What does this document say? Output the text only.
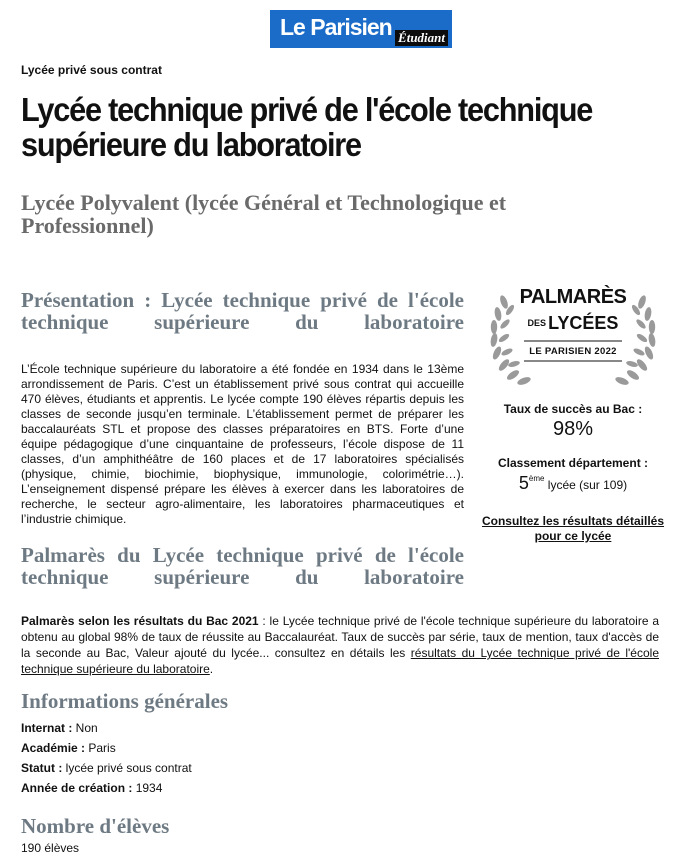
Le Parisien Étudiant
Lycée privé sous contrat
Lycée technique privé de l'école technique supérieure du laboratoire
Lycée Polyvalent (lycée Général et Technologique et Professionnel)
Présentation : Lycée technique privé de l'école technique supérieure du laboratoire

L’École technique supérieure du laboratoire a été fondée en 1934 dans le 13ème arrondissement de Paris. C’est un établissement privé sous contrat qui accueille 470 élèves, étudiants et apprentis. Le lycée compte 190 élèves répartis depuis les classes de seconde jusqu’en terminale. L’établissement permet de préparer les baccalauréats STL et propose des classes préparatoires en BTS. Forte d’une équipe pédagogique d’une cinquantaine de professeurs, l’école dispose de 11 classes, d’un amphithéâtre de 160 places et de 17 laboratoires spécialisés (physique, chimie, biochimie, biophysique, immunologie, colorimétrie…). L’enseignement dispensé prépare les élèves à exercer dans les laboratoires de recherche, le secteur agro-alimentaire, les laboratoires pharmaceutiques et l’industrie chimique.

PALMARÈS
DES LYCÉES
LE PARISIEN 2022
Taux de succès au Bac :
98%
Classement département :
5ème lycée (sur 109)
Consultez les résultats détaillés pour ce lycée
Palmarès du Lycée technique privé de l'école technique supérieure du laboratoire

Palmarès selon les résultats du Bac 2021 : le Lycée technique privé de l'école technique supérieure du laboratoire a obtenu au global 98% de taux de réussite au Baccalauréat. Taux de succès par série, taux de mention, taux d'accès de la seconde au Bac, Valeur ajouté du lycée... consultez en détails les résultats du Lycée technique privé de l'école technique supérieure du laboratoire.

Informations générales
Internat : Non
Académie : Paris
Statut : lycée privé sous contrat
Année de création : 1934
Nombre d'élèves
190 élèves
